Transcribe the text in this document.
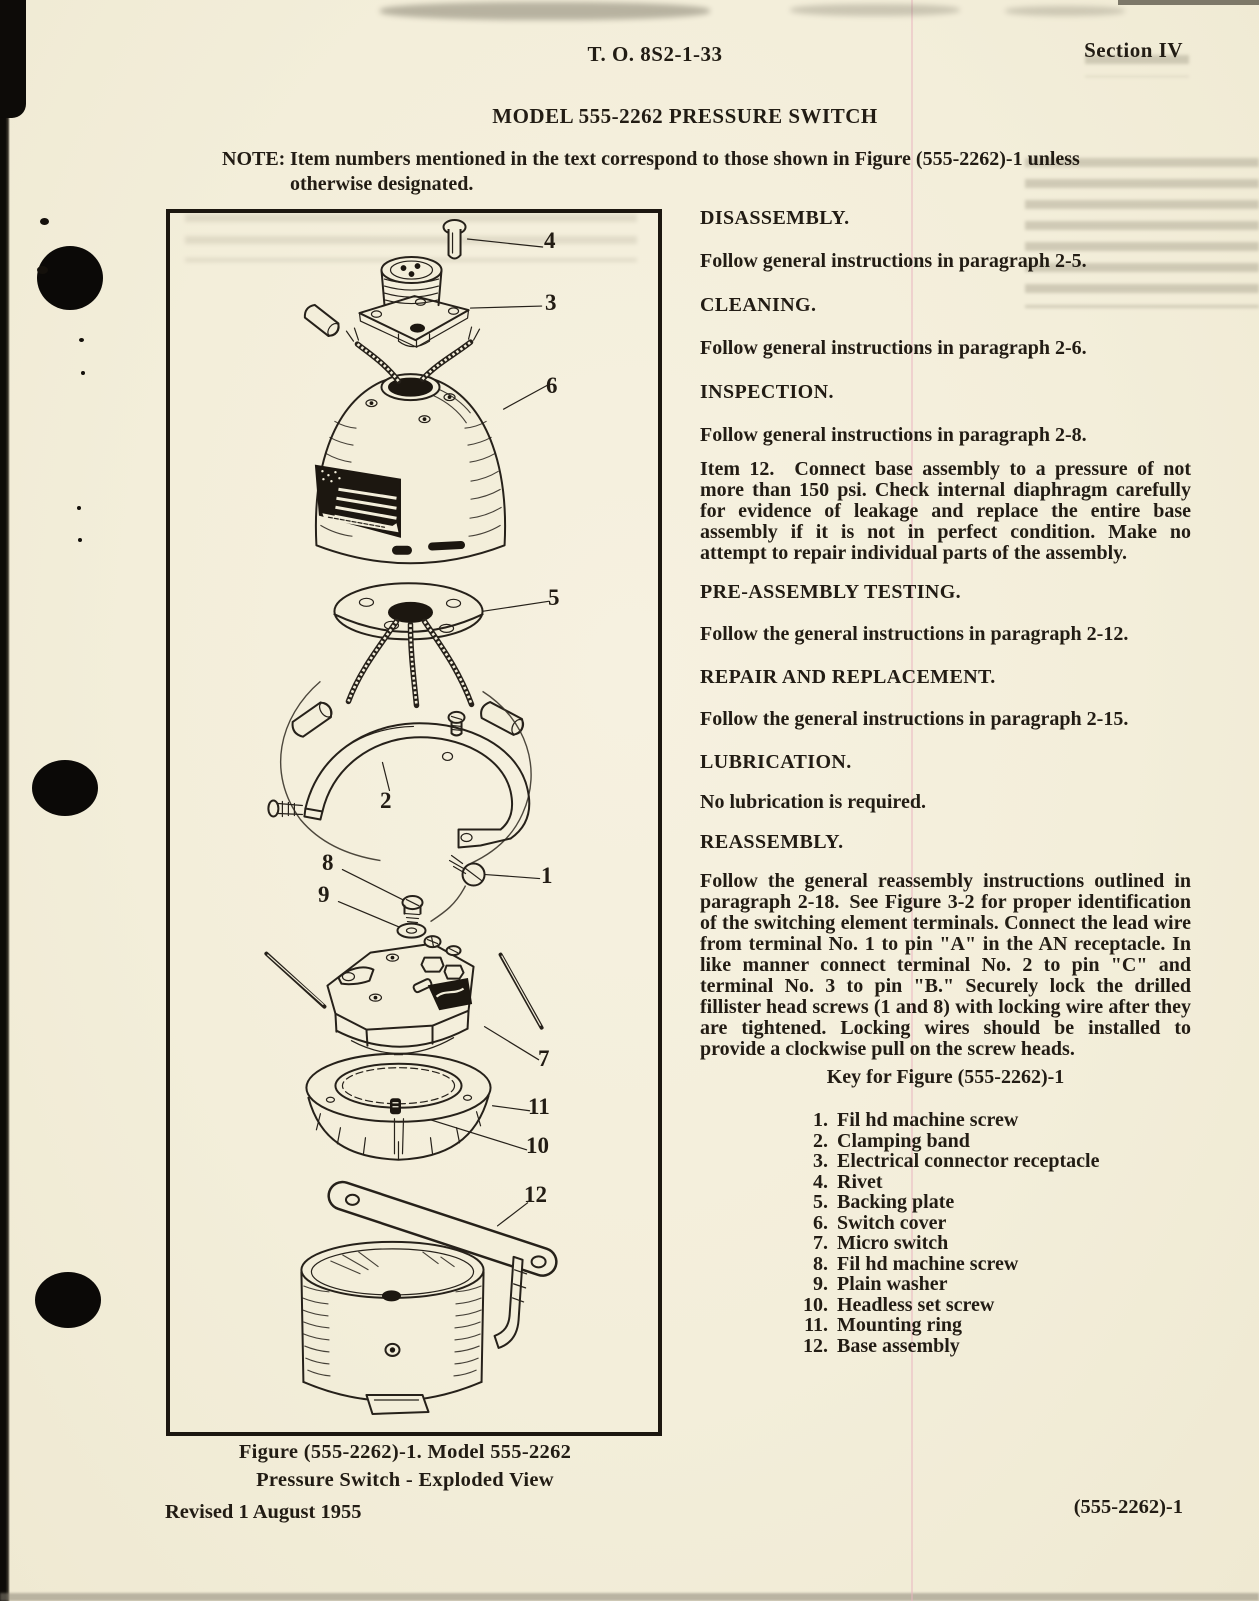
T. O. 8S2-1-33	Section IV
MODEL 555-2262 PRESSURE SWITCH
NOTE: Item numbers mentioned in the text correspond to those shown in Figure (555-2262)-1 unless otherwise designated.
4
3
6
5
2
1
8
9
7
11
10
12
Figure (555-2262)-1. Model 555-2262
Pressure Switch - Exploded View
DISASSEMBLY.

Follow general instructions in paragraph 2-5.

CLEANING.

Follow general instructions in paragraph 2-6.

INSPECTION.

Follow general instructions in paragraph 2-8.

Item 12. Connect base assembly to a pressure of not more than 150 psi. Check internal diaphragm carefully for evidence of leakage and replace the entire base assembly if it is not in perfect condition. Make no attempt to repair individual parts of the assembly.

PRE-ASSEMBLY TESTING.

Follow the general instructions in paragraph 2-12.

REPAIR AND REPLACEMENT.

Follow the general instructions in paragraph 2-15.

LUBRICATION.

No lubrication is required.

REASSEMBLY.

Follow the general reassembly instructions outlined in paragraph 2-18. See Figure 3-2 for proper identification of the switching element terminals. Connect the lead wire from terminal No. 1 to pin "A" in the AN receptacle. In like manner connect terminal No. 2 to pin "C" and terminal No. 3 to pin "B." Securely lock the drilled fillister head screws (1 and 8) with locking wire after they are tightened. Locking wires should be installed to provide a clockwise pull on the screw heads.

Key for Figure (555-2262)-1

1. Fil hd machine screw
2. Clamping band
3. Electrical connector receptacle
4. Rivet
5. Backing plate
6. Switch cover
7. Micro switch
8. Fil hd machine screw
9. Plain washer
10. Headless set screw
11. Mounting ring
12. Base assembly
Revised 1 August 1955	(555-2262)-1
